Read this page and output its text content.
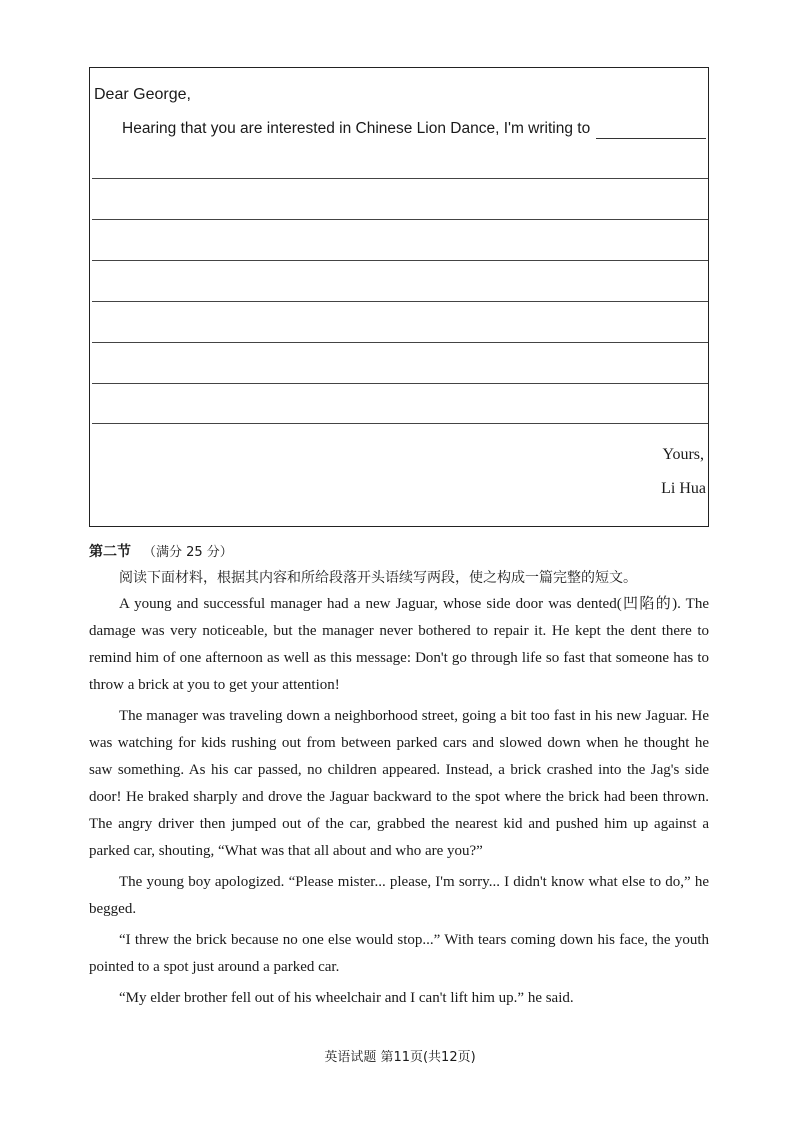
Dear George,
Hearing that you are interested in Chinese Lion Dance, I'm writing to
Yours,
Li Hua
第二节 （满分 25 分）
阅读下面材料，根据其内容和所给段落开头语续写两段，使之构成一篇完整的短文。

A young and successful manager had a new Jaguar, whose side door was dented(凹陷的). The damage was very noticeable, but the manager never bothered to repair it. He kept the dent there to remind him of one afternoon as well as this message: Don't go through life so fast that someone has to throw a brick at you to get your attention!

The manager was traveling down a neighborhood street, going a bit too fast in his new Jaguar. He was watching for kids rushing out from between parked cars and slowed down when he thought he saw something. As his car passed, no children appeared. Instead, a brick crashed into the Jag's side door! He braked sharply and drove the Jaguar backward to the spot where the brick had been thrown. The angry driver then jumped out of the car, grabbed the nearest kid and pushed him up against a parked car, shouting, “What was that all about and who are you?”

The young boy apologized. “Please mister... please, I'm sorry... I didn't know what else to do,” he begged.

“I threw the brick because no one else would stop...” With tears coming down his face, the youth pointed to a spot just around a parked car.

“My elder brother fell out of his wheelchair and I can't lift him up.” he said.

英语试题 第11页(共12页)
